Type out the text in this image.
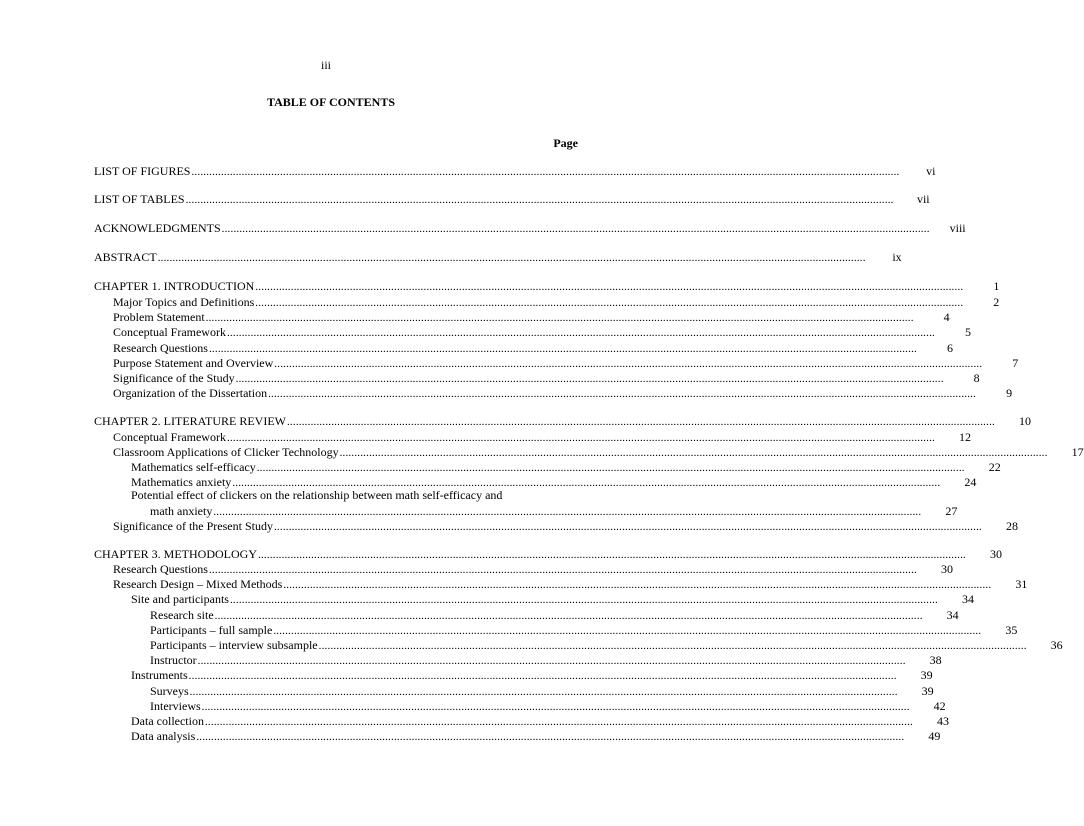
iii
TABLE OF CONTENTS
Page
LIST OF FIGURES ................................................................................................................................................................................................................................................	vi
LIST OF TABLES ................................................................................................................................................................................................................................................	vii
ACKNOWLEDGMENTS ................................................................................................................................................................................................................................................	viii
ABSTRACT ................................................................................................................................................................................................................................................	ix
CHAPTER 1. INTRODUCTION ................................................................................................................................................................................................................................................	1
Major Topics and Definitions ................................................................................................................................................................................................................................................	2
Problem Statement ................................................................................................................................................................................................................................................	4
Conceptual Framework ................................................................................................................................................................................................................................................	5
Research Questions ................................................................................................................................................................................................................................................	6
Purpose Statement and Overview ................................................................................................................................................................................................................................................	7
Significance of the Study ................................................................................................................................................................................................................................................	8
Organization of the Dissertation ................................................................................................................................................................................................................................................	9
CHAPTER 2. LITERATURE REVIEW ................................................................................................................................................................................................................................................	10
Conceptual Framework ................................................................................................................................................................................................................................................	12
Classroom Applications of Clicker Technology ................................................................................................................................................................................................................................................	17
Mathematics self-efficacy ................................................................................................................................................................................................................................................	22
Mathematics anxiety ................................................................................................................................................................................................................................................	24
Potential effect of clickers on the relationship between math self-efficacy and
math anxiety ................................................................................................................................................................................................................................................	27
Significance of the Present Study ................................................................................................................................................................................................................................................	28
CHAPTER 3. METHODOLOGY ................................................................................................................................................................................................................................................	30
Research Questions ................................................................................................................................................................................................................................................	30
Research Design – Mixed Methods ................................................................................................................................................................................................................................................	31
Site and participants ................................................................................................................................................................................................................................................	34
Research site ................................................................................................................................................................................................................................................	34
Participants – full sample ................................................................................................................................................................................................................................................	35
Participants – interview subsample ................................................................................................................................................................................................................................................	36
Instructor ................................................................................................................................................................................................................................................	38
Instruments ................................................................................................................................................................................................................................................	39
Surveys ................................................................................................................................................................................................................................................	39
Interviews ................................................................................................................................................................................................................................................	42
Data collection ................................................................................................................................................................................................................................................	43
Data analysis ................................................................................................................................................................................................................................................	49
